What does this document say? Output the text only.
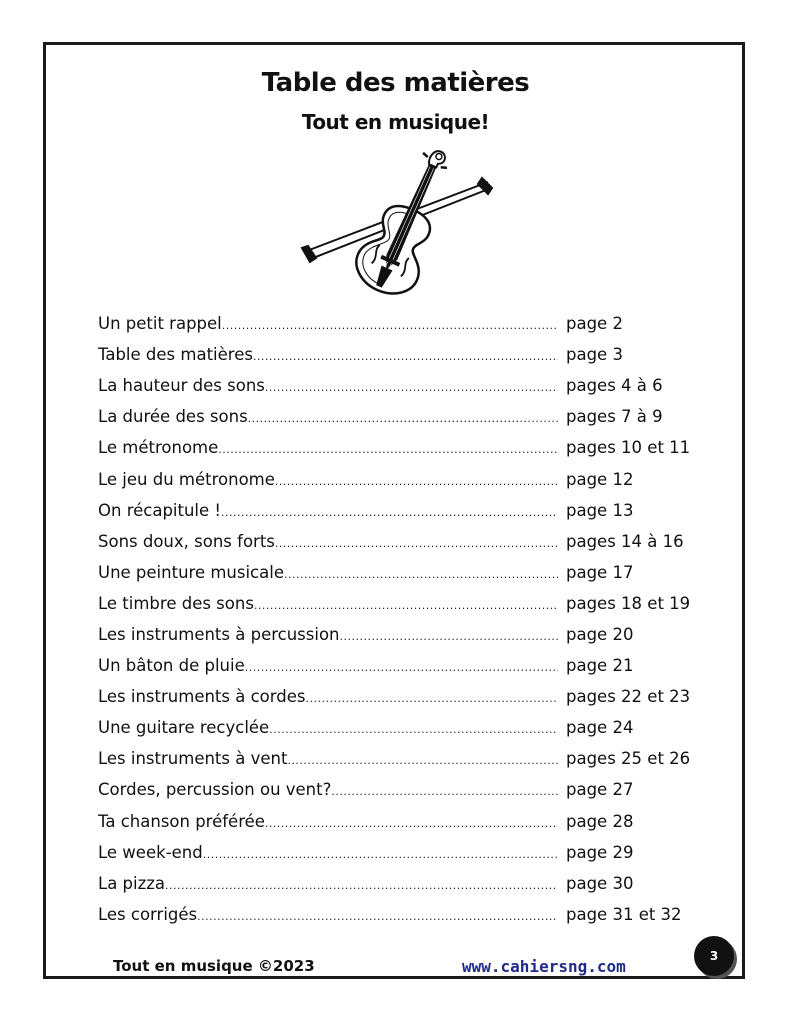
Table des matières
Tout en musique!
Un petit rappel .....	page 2
Table des matières .....	page 3
La hauteur des sons .....	pages 4 à 6
La durée des sons .....	pages 7 à 9
Le métronome .....	pages 10 et 11
Le jeu du métronome .....	page 12
On récapitule ! .....	page 13
Sons doux, sons forts .....	pages 14 à 16
Une peinture musicale .....	page 17
Le timbre des sons .....	pages 18 et 19
Les instruments à percussion .....	page 20
Un bâton de pluie .....	page 21
Les instruments à cordes .....	pages 22 et 23
Une guitare recyclée .....	page 24
Les instruments à vent .....	pages 25 et 26
Cordes, percussion ou vent? .....	page 27
Ta chanson préférée .....	page 28
Le week-end .....	page 29
La pizza .....	page 30
Les corrigés .....	page 31 et 32
Tout en musique ©2023	www.cahiersng.com
3
